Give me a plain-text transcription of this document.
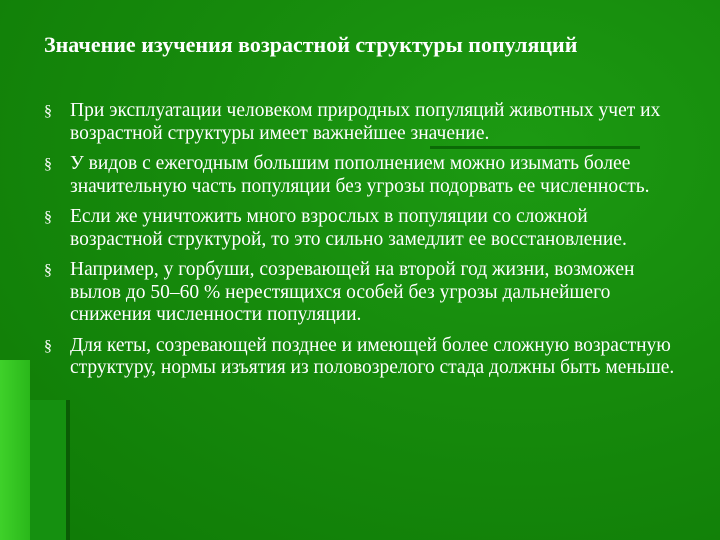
Значение изучения возрастной структуры популяций
§ При эксплуатации человеком природных популяций животных учет их возрастной структуры имеет важнейшее значение.
§ У видов с ежегодным большим пополнением можно изымать более значительную часть популяции без угрозы подорвать ее численность.
§ Если же уничтожить много взрослых в популяции со сложной возрастной структурой, то это сильно замедлит ее восстановление.
§ Например, у горбуши, созревающей на второй год жизни, возможен вылов до 50–60 % нерестящихся особей без угрозы дальнейшего снижения численности популяции.
§ Для кеты, созревающей позднее и имеющей более сложную возрастную структуру, нормы изъятия из половозрелого стада должны быть меньше.
